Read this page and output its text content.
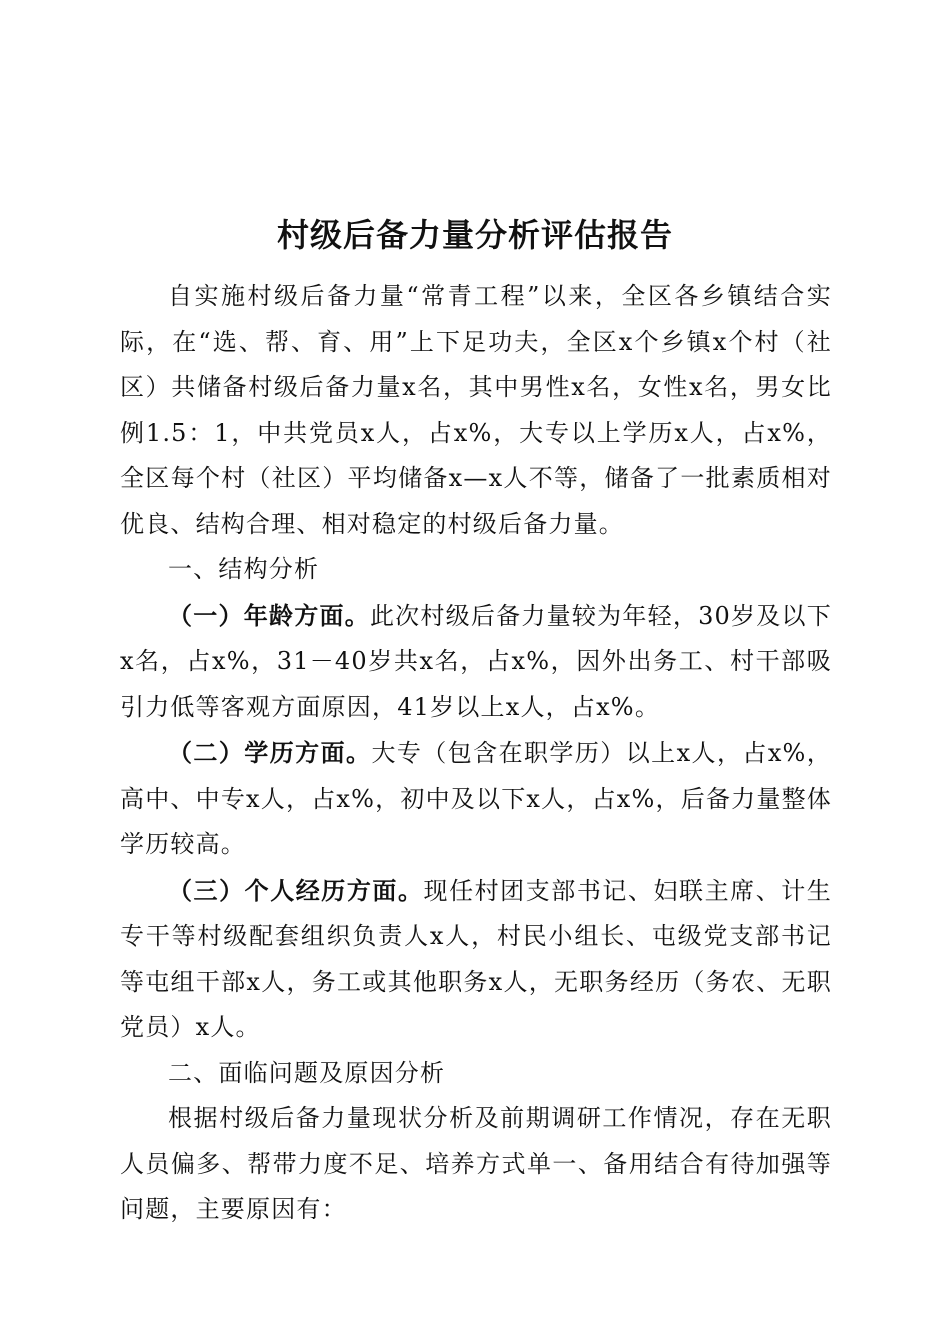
村级后备力量分析评估报告

自实施村级后备力量“常青工程”以来，全区各乡镇结合实际，在“选、帮、育、用”上下足功夫，全区x个乡镇x个村（社区）共储备村级后备力量x名，其中男性x名，女性x名，男女比例1.5：1，中共党员x人，占x%，大专以上学历x人，占x%，全区每个村（社区）平均储备x—x人不等，储备了一批素质相对优良、结构合理、相对稳定的村级后备力量。

一、结构分析

（一）年龄方面。此次村级后备力量较为年轻，30岁及以下x名，占x%，31－40岁共x名，占x%，因外出务工、村干部吸引力低等客观方面原因，41岁以上x人，占x%。

（二）学历方面。大专（包含在职学历）以上x人，占x%，高中、中专x人，占x%，初中及以下x人，占x%，后备力量整体学历较高。

（三）个人经历方面。现任村团支部书记、妇联主席、计生专干等村级配套组织负责人x人，村民小组长、屯级党支部书记等屯组干部x人，务工或其他职务x人，无职务经历（务农、无职党员）x人。

二、面临问题及原因分析

根据村级后备力量现状分析及前期调研工作情况，存在无职人员偏多、帮带力度不足、培养方式单一、备用结合有待加强等问题，主要原因有：
